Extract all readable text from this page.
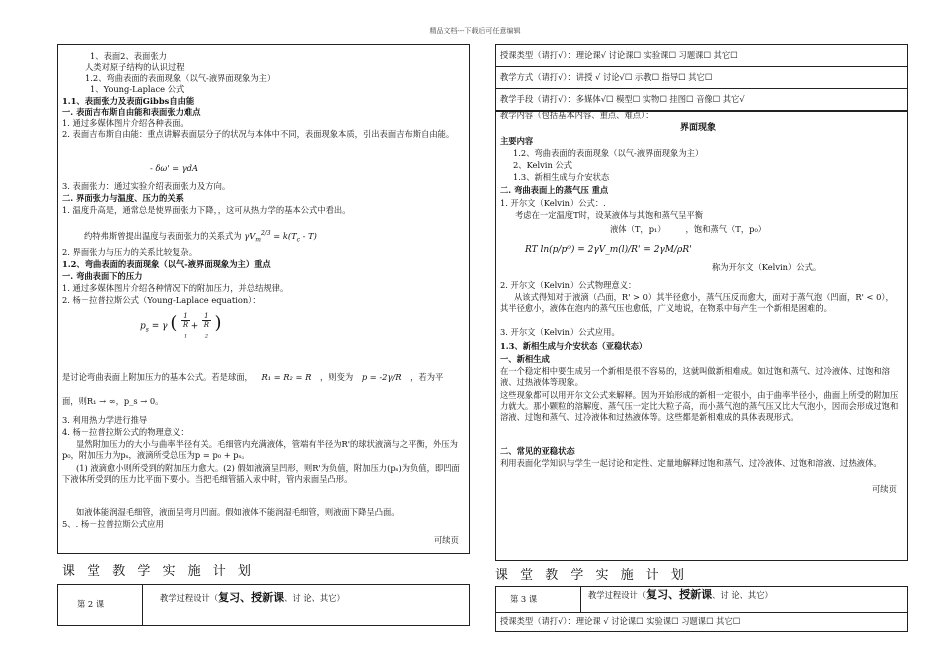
精品文档---下载后可任意编辑
1、表面2、表面张力
人类对原子结构的认识过程
1.2、弯曲表面的表面现象（以气-液界面现象为主）
1、Young-Laplace 公式
1.1、表面张力及表面Gibbs自由能
一. 表面吉布斯自由能和表面张力难点
1. 通过多媒体图片介绍各种表面。
2. 表面吉布斯自由能：重点讲解表面层分子的状况与本体中不同，表面现象本质，引出表面吉布斯自由能。
- δω' = γdA
3. 表面张力：通过实验介绍表面张力及方向。
二. 界面张力与温度、压力的关系
1. 温度升高是，通常总是使界面张力下降，，这可从热力学的基本公式中看出。
约特弗斯曾提出温度与表面张力的关系式为 $\gamma V_m^{2/3} = k(T_c - T)$
2. 界面张力与压力的关系比较复杂。
1.2、弯曲表面的表面现象（以气-液界面现象为主）重点
一. 弯曲表面下的压力
1. 通过多媒体图片介绍各种情况下的附加压力，并总结规律。
2. 杨－拉普拉斯公式（Young-Laplace equation）：
$p_s = \gamma$ ( 1
R
$_1$ + 1
R
$_2$ )
是讨论弯曲表面上附加压力的基本公式。若是球面， R₁ = R₂ = R ，则变为 p = -2γ/R ，若为平
面，则R₁ → ∞，p_s → 0。
3. 利用热力学进行推导
4. 杨－拉普拉斯公式的物理意义：
显然附加压力的大小与曲率半径有关。毛细管内充满液体，管端有半径为R'的球状液滴与之平衡，外压为p₀，附加压力为pₛ，液滴所受总压为p = p₀ + pₛ。
(1) 液滴愈小则所受到的附加压力愈大。(2) 假如液滴呈凹形，则R'为负值，附加压力(pₛ)为负值，即凹面下液体所受到的压力比平面下要小。当把毛细管插入汞中时，管内汞面呈凸形。
如液体能润湿毛细管，液面呈弯月凹面。假如液体不能润湿毛细管，则液面下降呈凸面。
5、. 杨－拉普拉斯公式应用
可续页
课 堂 教 学 实 施 计 划
第 2 课
教学过程设计（复习、授新课、讨 论、其它）
授课类型（请打√）：理论课√ 讨论课☐ 实验课☐ 习题课☐ 其它☐
教学方式（请打√）：讲授 √ 讨论√☐ 示教☐ 指导☐ 其它☐
教学手段（请打√）：多媒体√☐ 模型☐ 实物☐ 挂图☐ 音像☐ 其它√
教学内容（包括基本内容、重点、难点）：
界面现象
主要内容
1.2、弯曲表面的表面现象（以气-液界面现象为主）
2、Kelvin 公式
1.3、新相生成与介安状态
二. 弯曲表面上的蒸气压 重点
1. 开尔文（Kelvin）公式：.
考虑在一定温度T时，设某液体与其饱和蒸气呈平衡
液体（T，p₁）	，饱和蒸气（T，p₀）
RT ln(p/p⁰) = 2γV_m(l)/R' = 2γM/ρR'
称为开尔文（Kelvin）公式。
2. 开尔文（Kelvin）公式物理意义：
从该式得知对于液滴（凸面，R' > 0）其半径愈小，蒸气压反而愈大，面对于蒸气泡（凹面，R' < 0），其半径愈小，液体在泡内的蒸气压也愈低，广义地说，在物系中每产生一个新相是困难的。
3. 开尔文（Kelvin）公式应用。
1.3、新相生成与介安状态（亚稳状态）
一、新相生成
在一个稳定相中要生成另一个新相是很不容易的，这就叫做新相难成。如过饱和蒸气、过冷液体、过饱和溶液、过热液体等现象。
这些现象都可以用开尔文公式来解释。因为开始形成的新相一定很小，由于曲率半径小，曲面上所受的附加压力就大。那小颗粒的溶解度、蒸气压一定比大粒子高，而小蒸气泡的蒸气压又比大气泡小，因而会形成过饱和溶液、过饱和蒸气、过冷液体和过热液体等。这些都是新相难成的具体表现形式。
二、常见的亚稳状态
利用表面化学知识与学生一起讨论和定性、定量地解释过饱和蒸气、过冷液体、过饱和溶液、过热液体。
可续页
课 堂 教 学 实 施 计 划
第 3 课	教学过程设计（复习、授新课、讨 论、其它）
授课类型（请打√）：理论课 √ 讨论课☐ 实验课☐ 习题课☐ 其它☐
